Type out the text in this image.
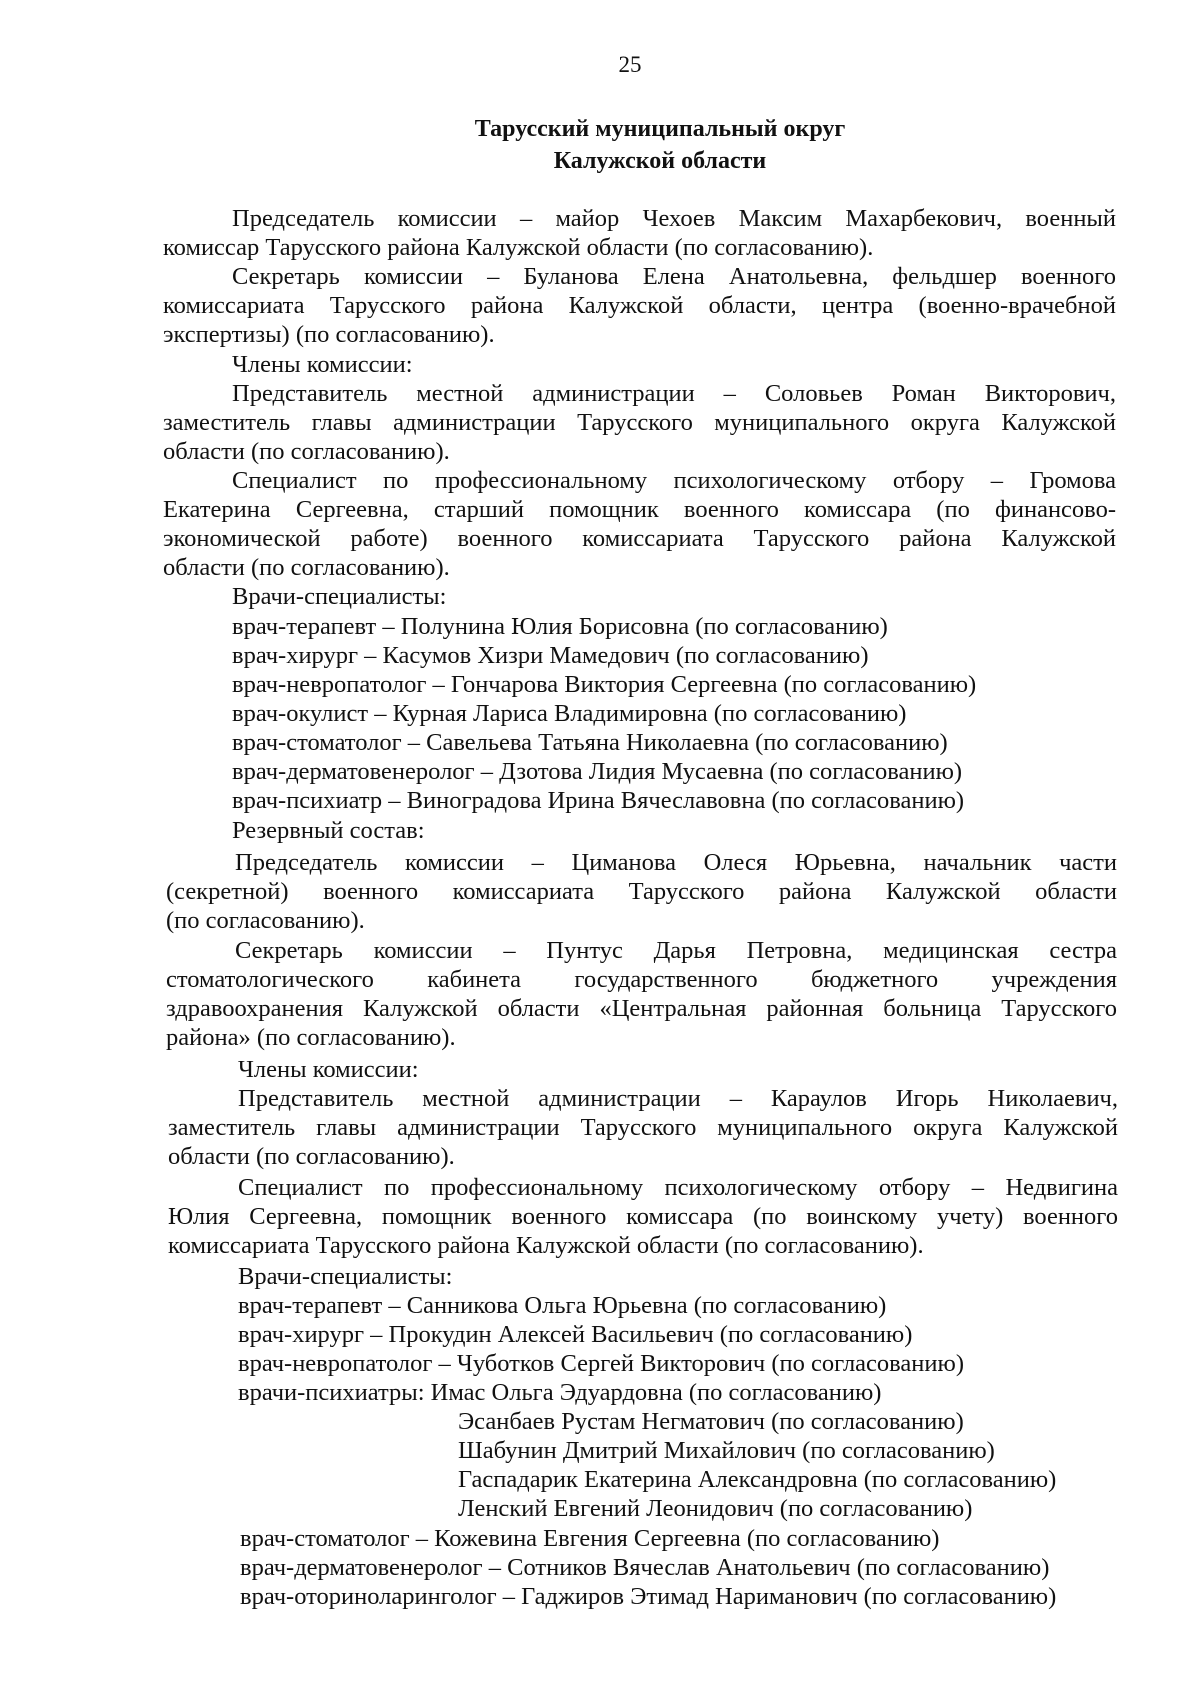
25
Тарусский муниципальный округ
Калужской области
Председатель комиссии – майор Чехоев Максим Махарбекович, военный
комиссар Тарусского района Калужской области (по согласованию).
Секретарь комиссии – Буланова Елена Анатольевна, фельдшер военного
комиссариата Тарусского района Калужской области, центра (военно-врачебной
экспертизы) (по согласованию).
Члены комиссии:
Представитель местной администрации – Соловьев Роман Викторович,
заместитель главы администрации Тарусского муниципального округа Калужской
области (по согласованию).
Специалист по профессиональному психологическому отбору – Громова
Екатерина Сергеевна, старший помощник военного комиссара (по финансово-
экономической работе) военного комиссариата Тарусского района Калужской
области (по согласованию).
Врачи-специалисты:
врач-терапевт – Полунина Юлия Борисовна (по согласованию)
врач-хирург – Касумов Хизри Мамедович (по согласованию)
врач-невропатолог – Гончарова Виктория Сергеевна (по согласованию)
врач-окулист – Курная Лариса Владимировна (по согласованию)
врач-стоматолог – Савельева Татьяна Николаевна (по согласованию)
врач-дерматовенеролог – Дзотова Лидия Мусаевна (по согласованию)
врач-психиатр – Виноградова Ирина Вячеславовна (по согласованию)
Резервный состав:
Председатель комиссии – Циманова Олеся Юрьевна, начальник части
(секретной) военного комиссариата Тарусского района Калужской области
(по согласованию).
Секретарь комиссии – Пунтус Дарья Петровна, медицинская сестра
стоматологического кабинета государственного бюджетного учреждения
здравоохранения Калужской области «Центральная районная больница Тарусского
района» (по согласованию).
Члены комиссии:
Представитель местной администрации – Караулов Игорь Николаевич,
заместитель главы администрации Тарусского муниципального округа Калужской
области (по согласованию).
Специалист по профессиональному психологическому отбору – Недвигина
Юлия Сергеевна, помощник военного комиссара (по воинскому учету) военного
комиссариата Тарусского района Калужской области (по согласованию).
Врачи-специалисты:
врач-терапевт – Санникова Ольга Юрьевна (по согласованию)
врач-хирург – Прокудин Алексей Васильевич (по согласованию)
врач-невропатолог – Чуботков Сергей Викторович (по согласованию)
врачи-психиатры: Имас Ольга Эдуардовна (по согласованию)
Эсанбаев Рустам Негматович (по согласованию)
Шабунин Дмитрий Михайлович (по согласованию)
Гаспадарик Екатерина Александровна (по согласованию)
Ленский Евгений Леонидович (по согласованию)
врач-стоматолог – Кожевина Евгения Сергеевна (по согласованию)
врач-дерматовенеролог – Сотников Вячеслав Анатольевич (по согласованию)
врач-оториноларинголог – Гаджиров Этимад Нариманович (по согласованию)
